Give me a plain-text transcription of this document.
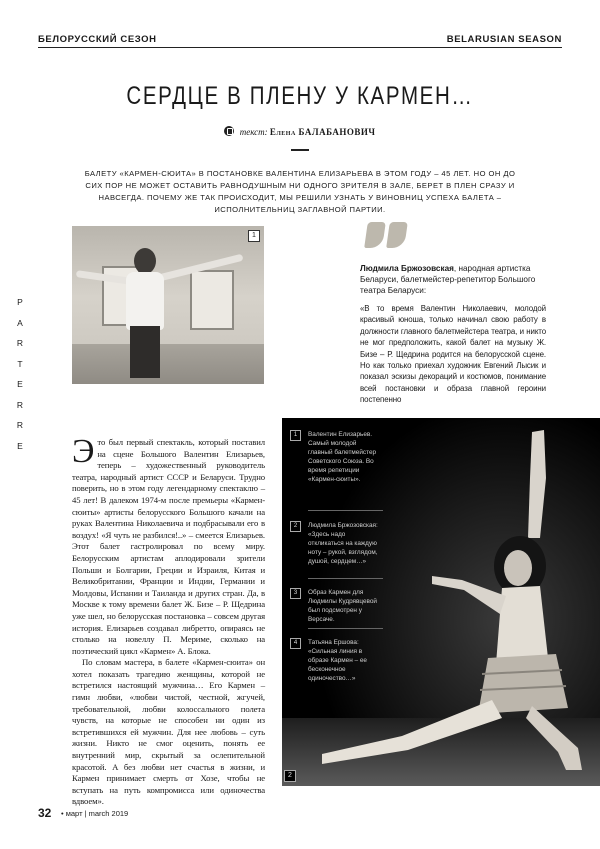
БЕЛОРУССКИЙ СЕЗОН	BELARUSIAN SEASON
СЕРДЦЕ В ПЛЕНУ У КАРМЕН…
текст: Елена БАЛАБАНОВИЧ
БАЛЕТУ «КАРМЕН-СЮИТА» В ПОСТАНОВКЕ ВАЛЕНТИНА ЕЛИЗАРЬЕВА В ЭТОМ ГОДУ – 45 ЛЕТ. НО ОН ДО СИХ ПОР НЕ МОЖЕТ ОСТАВИТЬ РАВНОДУШНЫМ НИ ОДНОГО ЗРИТЕЛЯ В ЗАЛЕ, БЕРЕТ В ПЛЕН СРАЗУ И НАВСЕГДА. ПОЧЕМУ ЖЕ ТАК ПРОИСХОДИТ, МЫ РЕШИЛИ УЗНАТЬ У ВИНОВНИЦ УСПЕХА БАЛЕТА – ИСПОЛНИТЕЛЬНИЦ ЗАГЛАВНОЙ ПАРТИИ.
1
Людмила Бржозовская, народная артистка Беларуси, балетмейстер-репетитор Большого театра Беларуси:
«В то время Валентин Николаевич, молодой красивый юноша, только начинал свою работу в должности главного балетмейстера театра, и никто не мог предположить, какой балет на музыку Ж. Бизе – Р. Щедрина родится на белорусской сцене. Но как только приехал художник Евгений Лысик и показал эскизы декораций и костюмов, понимание всей постановки и образа главной героини постепенно
P
A
R
T
E
R
R
E Это был первый спектакль, который поставил на сцене Большого Валентин Елизарьев, теперь – художественный руководитель театра, народный артист СССР и Беларуси. Трудно поверить, но в этом году легендарному спектаклю – 45 лет! В далеком 1974-м после премьеры «Кармен-сюиты» артисты белорусского Большого качали на руках Валентина Николаевича и подбрасывали его в воздух! «Я чуть не разбился!..» – смеется Елизарьев. Этот балет гастролировал по всему миру. Белорусским артистам аплодировали зрители Польши и Болгарии, Греции и Израиля, Китая и Великобритании, Франции и Индии, Германии и Молдовы, Испании и Таиланда и других стран. Да, в Москве к тому времени балет Ж. Бизе – Р. Щедрина уже шел, но белорусская постановка – совсем другая история. Елизарьев создавал либретто, опираясь не столько на новеллу П. Мериме, сколько на поэтический цикл «Кармен» А. Блока.

По словам мастера, в балете «Кармен-сюита» он хотел показать трагедию женщины, которой не встретился настоящий мужчина… Его Кармен – гимн любви, «любви чистой, честной, жгучей, требовательной, любви колоссального полета чувств, на которые не способен ни один из встретившихся ей мужчин. Для нее любовь – суть жизни. Никто не смог оценить, понять ее внутренний мир, скрытый за ослепительной красотой. А без любви нет счастья в жизни, и Кармен принимает смерть от Хозе, чтобы не вступать на путь компромисса или одиночества вдвоем».

1	Валентин Елизарьев. Самый молодой главный балетмейстер Советского Союза. Во время репетиции «Кармен-сюиты».
2	Людмила Бржозовская: «Здесь надо откликаться на каждую ноту – рукой, взглядом, душой, сердцем…»
3	Образ Кармен для Людмилы Кудрявцевой был подсмотрен у Версаче.
4	Татьяна Ершова: «Сильная линия в образе Кармен – ее бесконечное одиночество…»
2
32 • март | march 2019
